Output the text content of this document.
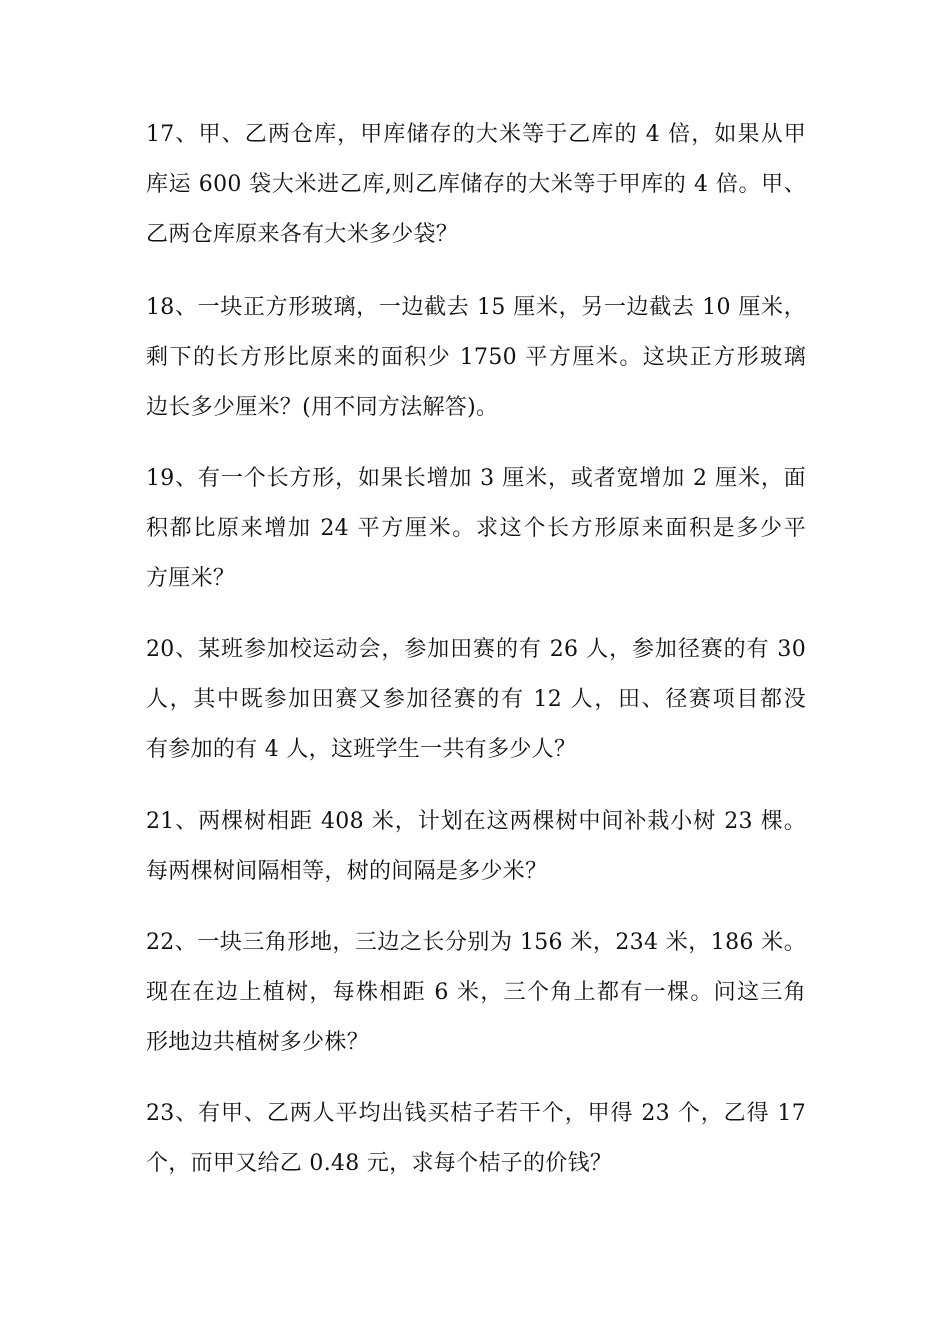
17、甲、乙两仓库，甲库储存的大米等于乙库的 4 倍，如果从甲
库运 600 袋大米进乙库,则乙库储存的大米等于甲库的 4 倍。甲、
乙两仓库原来各有大米多少袋？
18、一块正方形玻璃，一边截去 15 厘米，另一边截去 10 厘米，
剩下的长方形比原来的面积少 1750 平方厘米。这块正方形玻璃
边长多少厘米？(用不同方法解答)。
19、有一个长方形，如果长增加 3 厘米，或者宽增加 2 厘米，面
积都比原来增加 24 平方厘米。求这个长方形原来面积是多少平
方厘米？
20、某班参加校运动会，参加田赛的有 26 人，参加径赛的有 30
人，其中既参加田赛又参加径赛的有 12 人，田、径赛项目都没
有参加的有 4 人，这班学生一共有多少人？
21、两棵树相距 408 米，计划在这两棵树中间补栽小树 23 棵。
每两棵树间隔相等，树的间隔是多少米？
22、一块三角形地，三边之长分别为 156 米，234 米，186 米。
现在在边上植树，每株相距 6 米，三个角上都有一棵。问这三角
形地边共植树多少株？
23、有甲、乙两人平均出钱买桔子若干个，甲得 23 个，乙得 17
个，而甲又给乙 0.48 元，求每个桔子的价钱？
